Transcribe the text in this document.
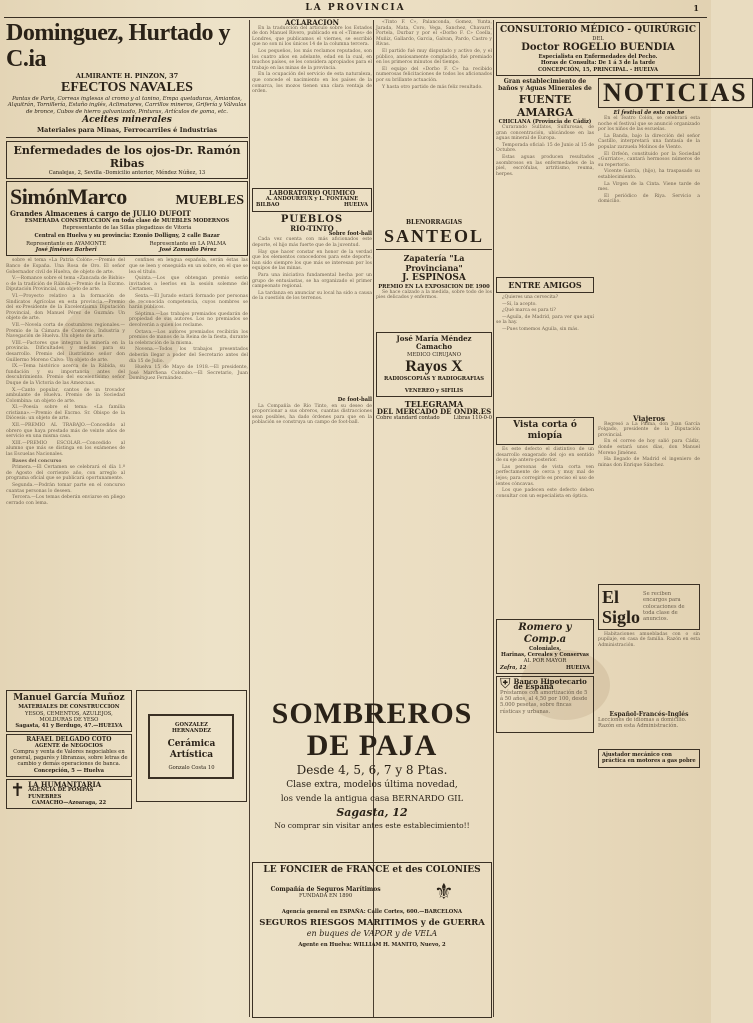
LA PROVINCIA	1
Dominguez, Hurtado y C.ia
ALMIRANTE H. PINZON, 37
EFECTOS NAVALES
Pantas de Paris, Correas inglesas al cromo y al tanino, Empa quetaduras, Amiantos, Alquitrán, Tornillería, Estaño inglés, Aclimatores, Carrillos mineros, Grifería y Válvulas de bronce, Cubos de hierro galvanizado, Pinturas, Artículos de goma, etc.
Aceites minerales
Materiales para Minas, Ferrocarriles é Industrias
Enfermedades de los ojos-Dr. Ramón Ribas
Canalejas, 2, Sevilla -Domicilio anterior, Méndez Núñez, 13
SimónMarco	MUEBLES
Grandes Almacenes á cargo de JULIO DUFOIT
ESMERADA CONSTRUCCION en toda clase de MUEBLES MODERNOS
Representante de las Sillas plegadizas de Vitoria
Central en Huelva y su provincia: Ezonio Dolligny, 2 calle Bazar
Representante en AYAMONTE
José Jiménez Barberi
Representante en LA PALMA
José Zamudio Pérez

sobre el tema «La Patria Colón».—Premio del Banco de España. Una Rosa de Oro. El señor Gobernador civil de Huelva, de objeto de arte.

V.—Romance sobre el tema «Zancada de Bisbis» o de la tradición de Rábida.—Premio de la Excmo. Diputación Provincial, un objeto de arte.

VI.—Proyecto relativo a la formación de Sindicatos Agrícolas en esta provincia.—Premio del ex-Presidente de la Excelentísima Diputación Provincial, don Manuel Pérez de Guzmán: Un objeto de arte.

VII.—Novela corta de costumbres regionales.—Premio de la Cámara de Comercio, Industria y Navegación de Huelva. Un objeto de arte.

VIII.—Factores que integran la minería en la provincia. Dificultades y medios para su desarrollo. Premio del ilustrísimo señor don Guillermo Moreno Calvo: Un objeto de arte.

IX.—Tema histórico acerca de la Rábida, su fundación y su importancia antes del descubrimiento. Premio del excelentísimo señor Duque de la Victoria de las Amezcuas.

X.—Canto popular, cantos de un trovador ambulante de Huelva. Premio de la Sociedad Colombina: un objeto de arte.

XI.—Poesía sobre el tema: «La familia cristiana».—Premio del Excmo. Sr. Obispo de la Diócesis: un objeto de arte.

XII.—PREMIO AL TRABAJO.—Concedido al obrero que haya prestado más de veinte años de servicio en una misma casa.

XIII.—PREMIO ESCOLAR.—Concedido al alumno que más se distinga en los exámenes de las Escuelas Nacionales.

Bases del concurso

Primera.—El Certamen se celebrará el día 1.º de Agosto del corriente año, con arreglo al programa oficial que se publicará oportunamente.

Segunda.—Podrán tomar parte en el concurso cuantas personas lo deseen.

Tercera.—Los temas deberán enviarse en pliego cerrado con lema.

confines en lengua española, serán éstas las que se leen y enseguida en un sobre, en el que se lea el título.

Quinta.—Los que obtengan premio serán invitados a leerlos en la sesión solemne del Certamen.

Sexta.—El Jurado estará formado por personas de reconocida competencia, cuyos nombres se harán públicos.

Séptima.—Los trabajos premiados quedarán de propiedad de sus autores. Los no premiados se devolverán a quien los reclame.

Octava.—Los autores premiados recibirán los premios de manos de la Reina de la fiesta, durante la celebración de la misma.

Novena.—Todos los trabajos presentados deberán llegar a poder del Secretario antes del día 15 de Julio.

Huelva 15 de Mayo de 1918.—El presidente, José Marchena Colombo.—El Secretario, Juan Domínguez Fernández.

Manuel García Muñoz
MATERIALES DE CONSTRUCCION
YESOS, CEMENTOS, AZULEJOS, MOLDURAS DE YESO
Sagasta, 41 y Berdugo, 47.—HUELVA
RAFAEL DELGADO COTO
AGENTE de NEGOCIOS
Compra y venta de Valores negociables en general, pagarés y libranzas, sobre letras de cambio y demás operaciones de banca.
Concepción, 5 — Huelva
✝ LA HUMANITARIA
AGENCIA DE POMPAS FUNEBRES
CAMACHO—Azoaraga, 22
GONZALEZ HERNANDEZ
Cerámica Artística
Gonzalo Costa 10
ACLARACION

En la traducción del artículo sobre los Estados de don Manuel Rivero, publicado en el «Times» de Londres, que publicamos el viernes, se escribió que no son ni los únicos 14 de la columna tercera.

Los pequeños, los más reclamos reputados, son los cuatro años en adelante, edad en la cual, en muchos países, se les considera apropiados para el trabajo en las minas de la provincia.

En la ocupación del servicio de esta naturaleza, que concede el nacimiento en los países de la comarca, los mozos tienen una clara ventaja de orden.

LABORATORIO QUIMICO
A. ANDOUREUX y L. FONTAINE
BILBAO	HUELVA
PUEBLOS
RIO-TINTO
Sobre foot-ball

Cada vez cuenta con más aficionados este deporte, el hijo más fuerte que de la juventud.

Hay que hacer constar en honor de la verdad que los elementos conocedores para este deporte, han sido siempre los que más se interesan por los equipos de las minas.

Para una iniciativa fundamental hecha por un grupo de entusiastas, se ha organizado el primer campeonato regional.

La tardanza en anunciar su local ha sido a causa de la cuestión de los terrenos.

De foot-ball

La Compañía de Río Tinto, en su deseo de proporcionar a sus obreros, cuantas distracciones sean posibles, ha dado órdenes para que en la población se construya un campo de foot-ball.

«Tinto F. C», Palanconda, Gomez, Yunta, Jarada, Mata, Coro, Vega, Sanchez, Chavarri, Portela, Durbar y por el «Dorbo F. C» Coella, Muñiz, Gallardo, Garcia, Galvan, Pardo, Castro y Rivas.

El partido fué muy disputado y activo de, y el público, ansiosamente complacido, fué premiado en los primeros minutos del tiempo.

El equipo del «Dorbo F. C» ha recibido numerosas felicitaciones de todos los aficionados por su brillante actuación.

Y hasta otro partido de más feliz resultado.

BLENORRAGIAS
SANTEOL
Zapatería "La Provinciana"
J. ESPINOSA
PREMIO EN LA EXPOSICION DE 1900

Se hace calzado a la medida, sobre todo de los pies delicados y enfermos.

José María Méndez Camacho
MEDICO CIRUJANO
Rayos X
RADIOSCOPIAS Y RADIOGRAFIAS
VENEREO y SIFILIS
TELEGRAMA
DEL MERCADO DE ONDR.ES
Cobre standard contado	Libras 110-0-0
SOMBREROS DE PAJA
Desde 4, 5, 6, 7 y 8 Ptas.
Clase extra, modelos última novedad,
los vende la antigua casa BERNARDO GIL
Sagasta, 12
No comprar sin visitar antes este establecimiento!!
LE FONCIER de FRANCE et des COLONIES
Compañía de Seguros Marítimos
FUNDADA EN 1890	⚜
Agencia general en ESPAÑA: Calle Cortes, 600.—BARCELONA
SEGUROS RIESGOS MARITIMOS y de GUERRA
en buques de VAPOR y de VELA
Agente en Huelva: WILLIAM H. MANITO, Nuevo, 2
CONSULTORIO MÉDICO - QUIRÚRGIC
DEL
Doctor ROGELIO BUENDIA
Especialista en Enfermedades del Pecho.
Horas de Consulta: De 1 á 3 de la tarde
CONCEPCIÓN, 15, PRINCIPAL. - HUELVA
Gran establecimiento de baños y Aguas Minerales de
FUENTE AMARGA
CHICLANA (Provincia de Cádiz)

Curarando Sulfatos, Sulfurosas, de gran concentración, ubicándose en las aguas mineral de Europa.

Temporada oficial: 15 de Junio al 15 de Octubre.

Estas aguas producen resultados asombrosos en las enfermedades de la piel, escrófulas, artritismo, reuma, herpes.

ENTRE AMIGOS

¿Quieres una cervecita?

—Sí, la acepto.

¿Qué marca es para ti?

—Aguila, de Madrid, para ver que aquí se la hay.

—Pues tomemos Aguila, sin más.

Vista corta ó miopía

Es este defecto el distintivo de un desarrollo exagerado del ojo en sentido de su eje antero-posterior.

Las personas de vista corta ven perfectamente de cerca y muy mal de lejos; para corregirlo es preciso el uso de lentes cóncavas.

Los que padecen este defecto deben consultar con un especialista en óptica.

Romero y Comp.a
Coloniales,
Harinas, Cereales y Conservas
AL POR MAYOR
Zafra, 12	HUELVA
⛨ Banco Hipotecario de España
Préstamos con amortización de 5 á 50 años, al 4,50 por 100, desde 5.000 pesetas, sobre fincas rústicas y urbanas.
NOTICIAS
El festival de esta noche

En el Teatro Colón, se celebrará esta noche el festival que se anunció organizado por los niños de las escuelas.

La Banda, bajo la dirección del señor Castillo, interpretará una fantasía de la popular zarzuela Molinos de Viento.

El Orfeón, constituido por la Sociedad «Gurriato», cantará hermosos números de su repertorio.

Vicente García, (hijo), ha traspasado su establecimiento.

La Virgen de la Cinta. Viene tarde de mes.

El periódico de Riya. Servicio a domicilio.

Viajeros

Regresó a La Palma, don Juan García Folgado, presidente de la Diputación provincial.

En el correo de hoy salió para Cádiz, donde estará unos días, don Manuel Moreno Jiménez.

Ha llegado de Madrid el ingeniero de minas don Enrique Sánchez.

El Siglo
Se reciben encargos para colocaciones de toda clase de anuncios.

Habitaciones amuebladas con o sin pupilaje, en casa de familia. Razón en esta Administración.

Español-Francés-Inglés
Lecciones de idiomas a domicilio. Razón en esta Administración.
Ajustador mecánico con práctica en motores a gas pobre
